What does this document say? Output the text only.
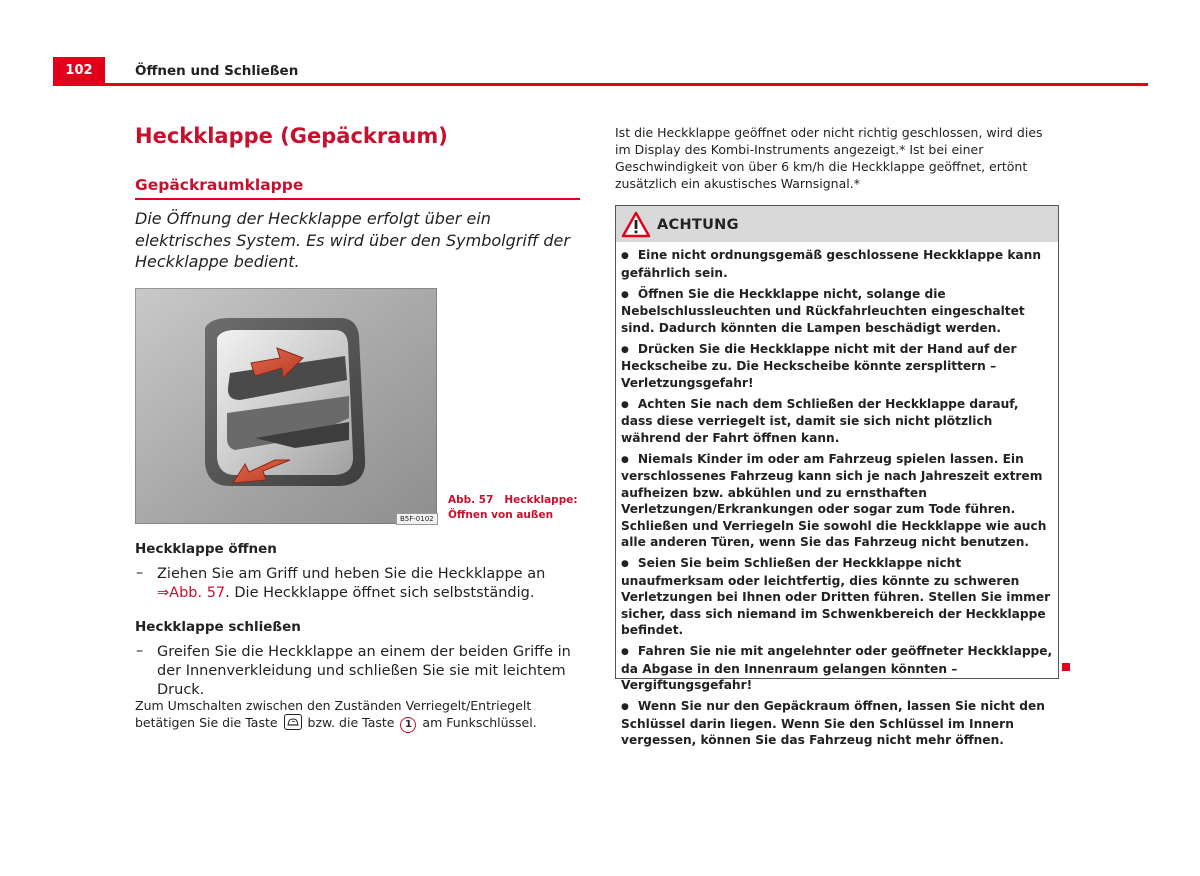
102	Öffnen und Schließen
Heckklappe (Gepäckraum)
Gepäckraumklappe
Die Öffnung der Heckklappe erfolgt über ein elektrisches System. Es wird über den Symbolgriff der Heckklappe bedient.
B5F-0102
Abb. 57 Heckklappe: Öffnen von außen
Heckklappe öffnen
– Ziehen Sie am Griff und heben Sie die Heckklappe an
⇒Abb. 57. Die Heckklappe öffnet sich selbstständig.
Heckklappe schließen
– Greifen Sie die Heckklappe an einem der beiden Griffe in der Innenverkleidung und schließen Sie sie mit leichtem Druck.
Zum Umschalten zwischen den Zuständen Verriegelt/Entriegelt betätigen Sie die Taste bzw. die Taste 1 am Funkschlüssel.
Ist die Heckklappe geöffnet oder nicht richtig geschlossen, wird dies im Display des Kombi-Instruments angezeigt.* Ist bei einer Geschwindigkeit von über 6 km/h die Heckklappe geöffnet, ertönt zusätzlich ein akustisches Warnsignal.*
ACHTUNG
● Eine nicht ordnungsgemäß geschlossene Heckklappe kann gefährlich sein.
● Öffnen Sie die Heckklappe nicht, solange die Nebelschlussleuchten und Rückfahrleuchten eingeschaltet sind. Dadurch könnten die Lampen beschädigt werden.
● Drücken Sie die Heckklappe nicht mit der Hand auf der Heckscheibe zu. Die Heckscheibe könnte zersplittern – Verletzungsgefahr!
● Achten Sie nach dem Schließen der Heckklappe darauf, dass diese verriegelt ist, damit sie sich nicht plötzlich während der Fahrt öffnen kann.
● Niemals Kinder im oder am Fahrzeug spielen lassen. Ein verschlossenes Fahrzeug kann sich je nach Jahreszeit extrem aufheizen bzw. abkühlen und zu ernsthaften Verletzungen/Erkrankungen oder sogar zum Tode führen. Schließen und Verriegeln Sie sowohl die Heckklappe wie auch alle anderen Türen, wenn Sie das Fahrzeug nicht benutzen.
● Seien Sie beim Schließen der Heckklappe nicht unaufmerksam oder leichtfertig, dies könnte zu schweren Verletzungen bei Ihnen oder Dritten führen. Stellen Sie immer sicher, dass sich niemand im Schwenkbereich der Heckklappe befindet.
● Fahren Sie nie mit angelehnter oder geöffneter Heckklappe, da Abgase in den Innenraum gelangen könnten – Vergiftungsgefahr!
● Wenn Sie nur den Gepäckraum öffnen, lassen Sie nicht den Schlüssel darin liegen. Wenn Sie den Schlüssel im Innern vergessen, können Sie das Fahrzeug nicht mehr öffnen.
